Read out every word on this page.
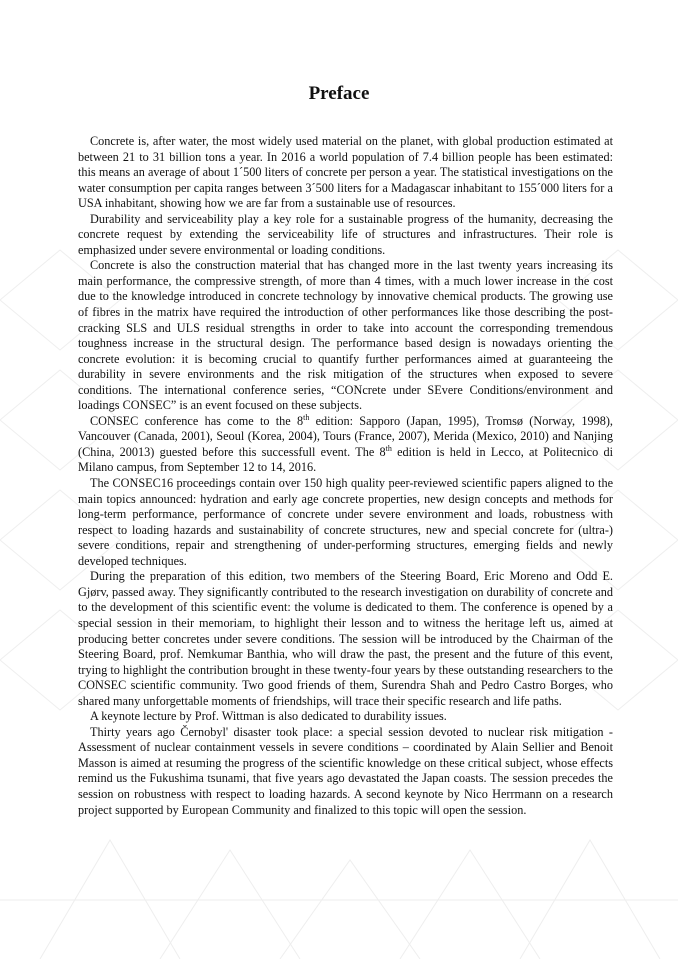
Preface

Concrete is, after water, the most widely used material on the planet, with global production estimated at between 21 to 31 billion tons a year. In 2016 a world population of 7.4 billion people has been estimated: this means an average of about 1´500 liters of concrete per person a year. The statistical investigations on the water consumption per capita ranges between 3´500 liters for a Madagascar inhabitant to 155´000 liters for a USA inhabitant, showing how we are far from a sustainable use of resources.

Durability and serviceability play a key role for a sustainable progress of the humanity, decreasing the concrete request by extending the serviceability life of structures and infrastructures. Their role is emphasized under severe environmental or loading conditions.

Concrete is also the construction material that has changed more in the last twenty years increasing its main performance, the compressive strength, of more than 4 times, with a much lower increase in the cost due to the knowledge introduced in concrete technology by innovative chemical products. The growing use of fibres in the matrix have required the introduction of other performances like those describing the post-cracking SLS and ULS residual strengths in order to take into account the corresponding tremendous toughness increase in the structural design. The performance based design is nowadays orienting the concrete evolution: it is becoming crucial to quantify further performances aimed at guaranteeing the durability in severe environments and the risk mitigation of the structures when exposed to severe conditions. The international conference series, “CONcrete under SEvere Conditions/environment and loadings CONSEC” is an event focused on these subjects.

CONSEC conference has come to the 8th edition: Sapporo (Japan, 1995), Tromsø (Norway, 1998), Vancouver (Canada, 2001), Seoul (Korea, 2004), Tours (France, 2007), Merida (Mexico, 2010) and Nanjing (China, 20013) guested before this successfull event. The 8th edition is held in Lecco, at Politecnico di Milano campus, from September 12 to 14, 2016.

The CONSEC16 proceedings contain over 150 high quality peer-reviewed scientific papers aligned to the main topics announced: hydration and early age concrete properties, new design concepts and methods for long-term performance, performance of concrete under severe environment and loads, robustness with respect to loading hazards and sustainability of concrete structures, new and special concrete for (ultra-) severe conditions, repair and strengthening of under-performing structures, emerging fields and newly developed techniques.

During the preparation of this edition, two members of the Steering Board, Eric Moreno and Odd E. Gjørv, passed away. They significantly contributed to the research investigation on durability of concrete and to the development of this scientific event: the volume is dedicated to them. The conference is opened by a special session in their memoriam, to highlight their lesson and to witness the heritage left us, aimed at producing better concretes under severe conditions. The session will be introduced by the Chairman of the Steering Board, prof. Nemkumar Banthia, who will draw the past, the present and the future of this event, trying to highlight the contribution brought in these twenty-four years by these outstanding researchers to the CONSEC scientific community. Two good friends of them, Surendra Shah and Pedro Castro Borges, who shared many unforgettable moments of friendships, will trace their specific research and life paths.

A keynote lecture by Prof. Wittman is also dedicated to durability issues.

Thirty years ago Černobyl' disaster took place: a special session devoted to nuclear risk mitigation - Assessment of nuclear containment vessels in severe conditions – coordinated by Alain Sellier and Benoit Masson is aimed at resuming the progress of the scientific knowledge on these critical subject, whose effects remind us the Fukushima tsunami, that five years ago devastated the Japan coasts. The session precedes the session on robustness with respect to loading hazards. A second keynote by Nico Herrmann on a research project supported by European Community and finalized to this topic will open the session.
